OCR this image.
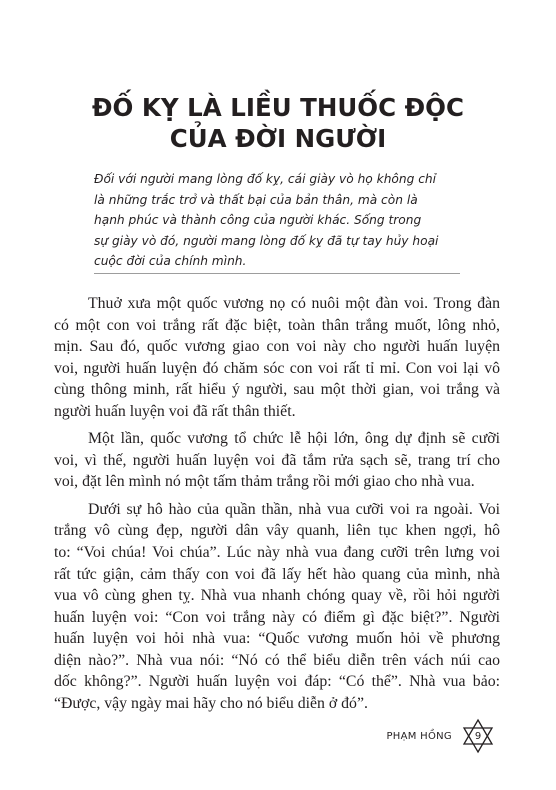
ĐỐ KỴ LÀ LIỀU THUỐC ĐỘC
CỦA ĐỜI NGƯỜI
Đối với người mang lòng đố kỵ, cái giày vò họ không chỉ
là những trắc trở và thất bại của bản thân, mà còn là
hạnh phúc và thành công của người khác. Sống trong
sự giày vò đó, người mang lòng đố kỵ đã tự tay hủy hoại
cuộc đời của chính mình.
Thuở xưa một quốc vương nọ có nuôi một đàn voi. Trong đàn
có một con voi trắng rất đặc biệt, toàn thân trắng muốt, lông nhỏ,
mịn. Sau đó, quốc vương giao con voi này cho người huấn luyện
voi, người huấn luyện đó chăm sóc con voi rất tỉ mỉ. Con voi lại vô
cùng thông minh, rất hiểu ý người, sau một thời gian, voi trắng và
người huấn luyện voi đã rất thân thiết.
Một lần, quốc vương tổ chức lễ hội lớn, ông dự định sẽ cưỡi
voi, vì thế, người huấn luyện voi đã tắm rửa sạch sẽ, trang trí cho
voi, đặt lên mình nó một tấm thảm trắng rồi mới giao cho nhà vua.
Dưới sự hô hào của quần thần, nhà vua cưỡi voi ra ngoài. Voi
trắng vô cùng đẹp, người dân vây quanh, liên tục khen ngợi, hô
to: “Voi chúa! Voi chúa”. Lúc này nhà vua đang cưỡi trên lưng voi
rất tức giận, cảm thấy con voi đã lấy hết hào quang của mình, nhà
vua vô cùng ghen tỵ. Nhà vua nhanh chóng quay về, rồi hỏi người
huấn luyện voi: “Con voi trắng này có điểm gì đặc biệt?”. Người
huấn luyện voi hỏi nhà vua: “Quốc vương muốn hỏi về phương
diện nào?”. Nhà vua nói: “Nó có thể biểu diễn trên vách núi cao
dốc không?”. Người huấn luyện voi đáp: “Có thể”. Nhà vua bảo:
“Được, vậy ngày mai hãy cho nó biểu diễn ở đó”.
PHẠM HỒNG	9
